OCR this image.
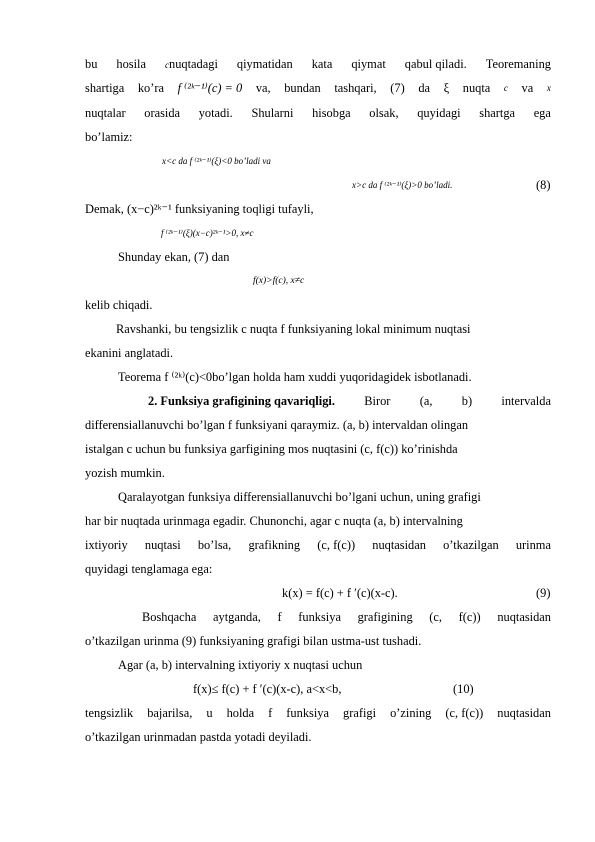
bu hosila cnuqtadagi qiymatidan kata qiymat qabul qiladi. Teoremaning
shartiga ko’ra f ⁽²ᵏ⁻¹⁾(c) = 0 va, bundan tashqari, (7) da ξ nuqta c va x
nuqtalar orasida yotadi. Shularni hisobga olsak, quyidagi shartga ega
bo’lamiz:
x<c da f ⁽²ᵏ⁻¹⁾(ξ)<0 bo’ladi va
x>c da f ⁽²ᵏ⁻¹⁾(ξ)>0 bo’ladi.	(8)
Demak, (x−c)²ᵏ⁻¹ funksiyaning toqligi tufayli,
f ⁽²ᵏ⁻¹⁾(ξ)(x−c)²ᵏ⁻¹>0, x≠c
Shunday ekan, (7) dan
f(x)>f(c), x≠c
kelib chiqadi.
Ravshanki, bu tengsizlik c nuqta f funksiyaning lokal minimum nuqtasi
ekanini anglatadi.
Teorema f ⁽²ᵏ⁾(c)<0bo’lgan holda ham xuddi yuqoridagidek isbotlanadi.
2. Funksiya grafigining qavariqligi. Biror (a, b) intervalda
differensiallanuvchi bo’lgan f funksiyani qaraymiz. (a, b) intervaldan olingan
istalgan c uchun bu funksiya garfigining mos nuqtasini (c, f(c)) ko’rinishda
yozish mumkin.
Qaralayotgan funksiya differensiallanuvchi bo’lgani uchun, uning grafigi
har bir nuqtada urinmaga egadir. Chunonchi, agar c nuqta (a, b) intervalning
ixtiyoriy nuqtasi bo’lsa, grafikning (c, f(c)) nuqtasidan o’tkazilgan urinma
quyidagi tenglamaga ega:
k(x) = f(c) + f ′(c)(x-c).	(9)
Boshqacha aytganda, f funksiya grafigining (c, f(c)) nuqtasidan
o’tkazilgan urinma (9) funksiyaning grafigi bilan ustma-ust tushadi.
Agar (a, b) intervalning ixtiyoriy x nuqtasi uchun
f(x)≤ f(c) + f ′(c)(x-c), a<x<b,	(10)
tengsizlik bajarilsa, u holda f funksiya grafigi o’zining (c, f(c)) nuqtasidan
o’tkazilgan urinmadan pastda yotadi deyiladi.
